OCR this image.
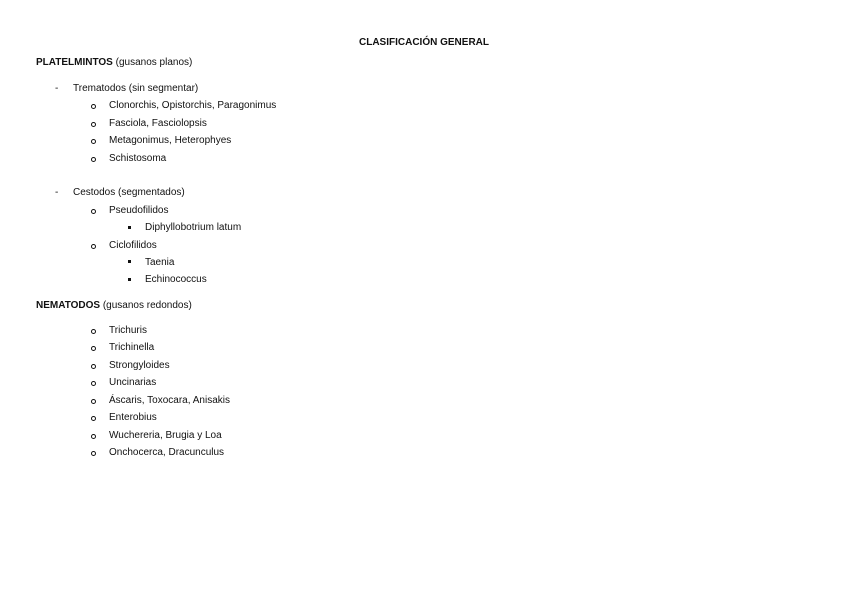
CLASIFICACIÓN GENERAL
PLATELMINTOS (gusanos planos)
- Trematodos (sin segmentar)
Clonorchis, Opistorchis, Paragonimus
Fasciola, Fasciolopsis
Metagonimus, Heterophyes
Schistosoma
- Cestodos (segmentados)
Pseudofilidos
Diphyllobotrium latum
Ciclofilidos
Taenia
Echinococcus
NEMATODOS (gusanos redondos)
Trichuris
Trichinella
Strongyloides
Uncinarias
Áscaris, Toxocara, Anisakis
Enterobius
Wuchereria, Brugia y Loa
Onchocerca, Dracunculus
